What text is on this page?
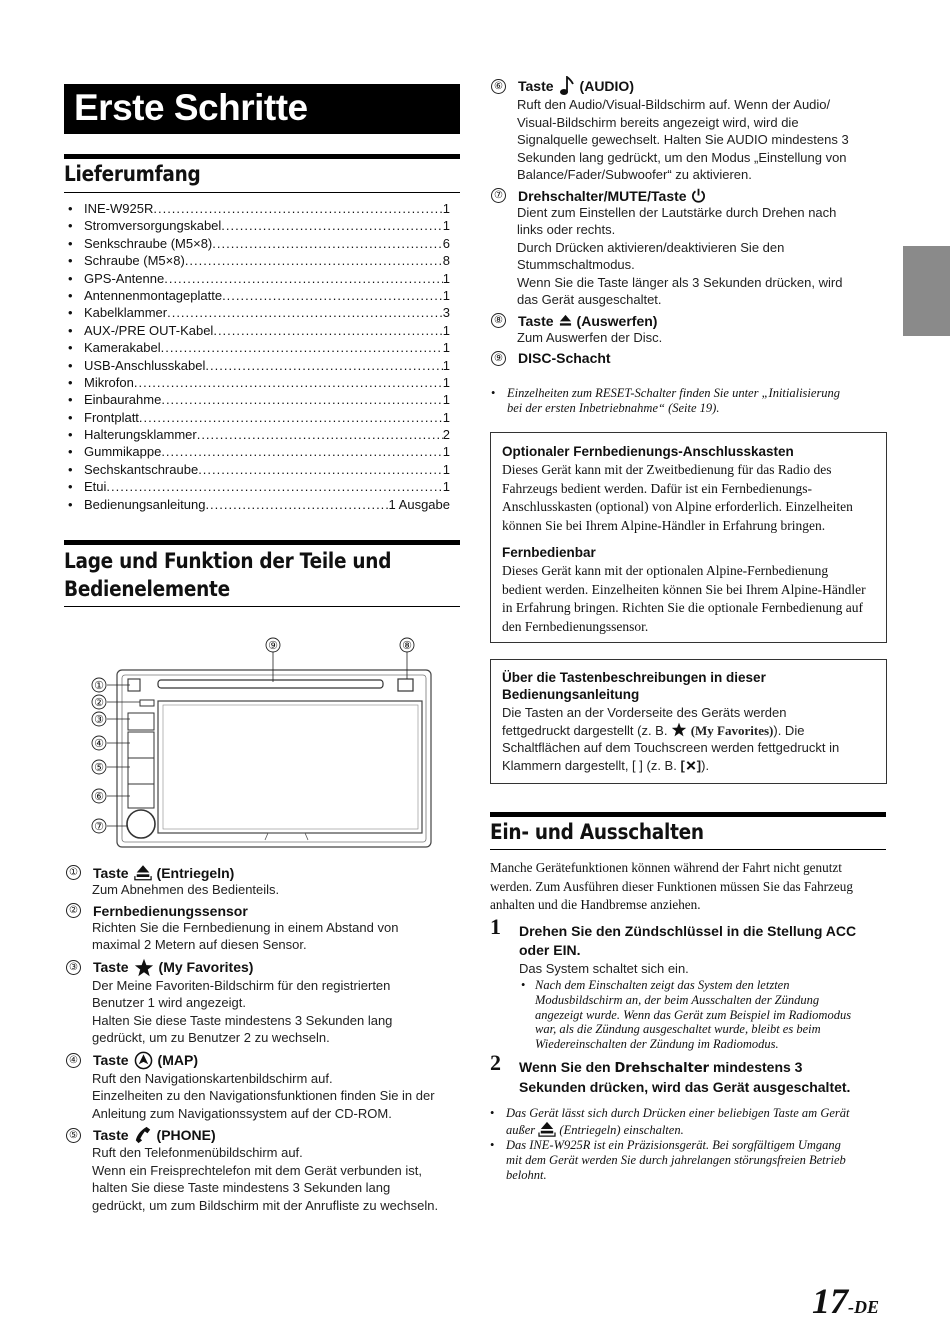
Erste Schritte
Lieferumfang
• INE-W925R .....	1
• Stromversorgungskabel .....	1
• Senkschraube (M5×8) .....	6
• Schraube (M5×8) .....	8
• GPS-Antenne .....	1
• Antennenmontageplatte .....	1
• Kabelklammer .....	3
• AUX-/PRE OUT-Kabel .....	1
• Kamerakabel .....	1
• USB-Anschlusskabel .....	1
• Mikrofon .....	1
• Einbaurahme .....	1
• Frontplatt .....	1
• Halterungsklammer .....	2
• Gummikappe .....	1
• Sechskantschraube .....	1
• Etui .....	1
• Bedienungsanleitung .....	1 Ausgabe
Lage und Funktion der Teile und
Bedienelemente
⑨	⑧
①
②
③
④
⑤
⑥
⑦
① Taste (Entriegeln)
Zum Abnehmen des Bedienteils.
② Fernbedienungssensor
Richten Sie die Fernbedienung in einem Abstand von
maximal 2 Metern auf diesen Sensor.
③ Taste (My Favorites)
Der Meine Favoriten-Bildschirm für den registrierten
Benutzer 1 wird angezeigt.
Halten Sie diese Taste mindestens 3 Sekunden lang
gedrückt, um zu Benutzer 2 zu wechseln.
④ Taste (MAP)
Ruft den Navigationskartenbildschirm auf.
Einzelheiten zu den Navigationsfunktionen finden Sie in der
Anleitung zum Navigationssystem auf der CD-ROM.
⑤ Taste (PHONE)
Ruft den Telefonmenübildschirm auf.
Wenn ein Freisprechtelefon mit dem Gerät verbunden ist,
halten Sie diese Taste mindestens 3 Sekunden lang
gedrückt, um zum Bildschirm mit der Anrufliste zu wechseln.
⑥ Taste (AUDIO)
Ruft den Audio/Visual-Bildschirm auf. Wenn der Audio/
Visual-Bildschirm bereits angezeigt wird, wird die
Signalquelle gewechselt. Halten Sie AUDIO mindestens 3
Sekunden lang gedrückt, um den Modus „Einstellung von
Balance/Fader/Subwoofer“ zu aktivieren.
⑦ Drehschalter/MUTE/Taste
Dient zum Einstellen der Lautstärke durch Drehen nach
links oder rechts.
Durch Drücken aktivieren/deaktivieren Sie den
Stummschaltmodus.
Wenn Sie die Taste länger als 3 Sekunden drücken, wird
das Gerät ausgeschaltet.
⑧ Taste (Auswerfen)
Zum Auswerfen der Disc.
⑨ DISC-Schacht
• Einzelheiten zum RESET-Schalter finden Sie unter „Initialisierung
bei der ersten Inbetriebnahme“ (Seite 19).
Optionaler Fernbedienungs-Anschlusskasten
Dieses Gerät kann mit der Zweitbedienung für das Radio des
Fahrzeugs bedient werden. Dafür ist ein Fernbedienungs-
Anschlusskasten (optional) von Alpine erforderlich. Einzelheiten
können Sie bei Ihrem Alpine-Händler in Erfahrung bringen.
Fernbedienbar
Dieses Gerät kann mit der optionalen Alpine-Fernbedienung
bedient werden. Einzelheiten können Sie bei Ihrem Alpine-Händler
in Erfahrung bringen. Richten Sie die optionale Fernbedienung auf
den Fernbedienungssensor.
Über die Tastenbeschreibungen in dieser
Bedienungsanleitung
Die Tasten an der Vorderseite des Geräts werden
fettgedruckt dargestellt (z. B.  (My Favorites)). Die
Schaltflächen auf dem Touchscreen werden fettgedruckt in
Klammern dargestellt, [ ] (z. B. [ ]).
Ein- und Ausschalten
Manche Gerätefunktionen können während der Fahrt nicht genutzt
werden. Zum Ausführen dieser Funktionen müssen Sie das Fahrzeug
anhalten und die Handbremse anziehen.
1 Drehen Sie den Zündschlüssel in die Stellung ACC
oder EIN.
Das System schaltet sich ein.
• Nach dem Einschalten zeigt das System den letzten
Modusbildschirm an, der beim Ausschalten der Zündung
angezeigt wurde. Wenn das Gerät zum Beispiel im Radiomodus
war, als die Zündung ausgeschaltet wurde, bleibt es beim
Wiedereinschalten der Zündung im Radiomodus.
2 Wenn Sie den Drehschalter mindestens 3
Sekunden drücken, wird das Gerät ausgeschaltet.
• Das Gerät lässt sich durch Drücken einer beliebigen Taste am Gerät
außer  (Entriegeln) einschalten.
• Das INE-W925R ist ein Präzisionsgerät. Bei sorgfältigem Umgang
mit dem Gerät werden Sie durch jahrelangen störungsfreien Betrieb
belohnt.
17-DE
